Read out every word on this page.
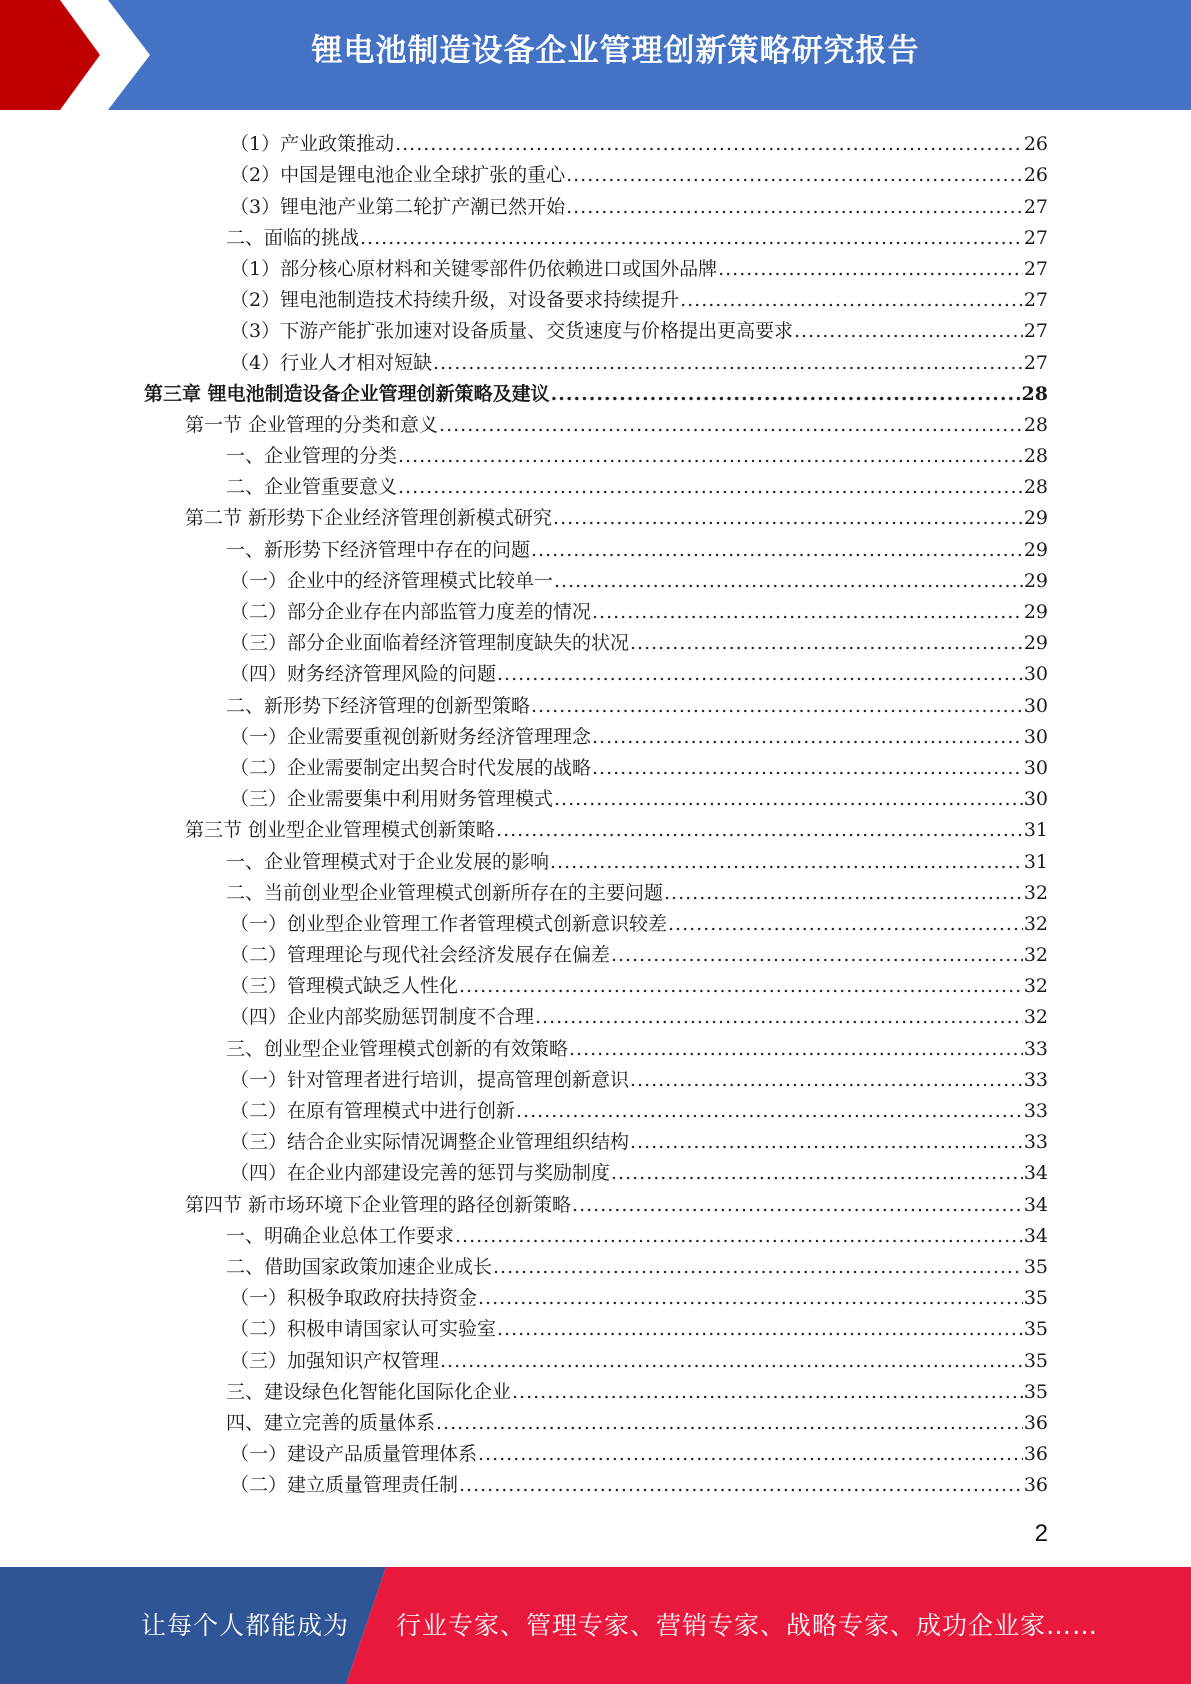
锂电池制造设备企业管理创新策略研究报告
（1）产业政策推动 .....	26
（2）中国是锂电池企业全球扩张的重心 .....	26
（3）锂电池产业第二轮扩产潮已然开始 .....	27
二、面临的挑战 .....	27
（1）部分核心原材料和关键零部件仍依赖进口或国外品牌 .....	27
（2）锂电池制造技术持续升级，对设备要求持续提升 .....	27
（3）下游产能扩张加速对设备质量、交货速度与价格提出更高要求 .....	27
（4）行业人才相对短缺 .....	27
第三章 锂电池制造设备企业管理创新策略及建议 .....	28
第一节 企业管理的分类和意义 .....	28
一、企业管理的分类 .....	28
二、企业管重要意义 .....	28
第二节 新形势下企业经济管理创新模式研究 .....	29
一、新形势下经济管理中存在的问题 .....	29
（一）企业中的经济管理模式比较单一 .....	29
（二）部分企业存在内部监管力度差的情况 .....	29
（三）部分企业面临着经济管理制度缺失的状况 .....	29
（四）财务经济管理风险的问题 .....	30
二、新形势下经济管理的创新型策略 .....	30
（一）企业需要重视创新财务经济管理理念 .....	30
（二）企业需要制定出契合时代发展的战略 .....	30
（三）企业需要集中利用财务管理模式 .....	30
第三节 创业型企业管理模式创新策略 .....	31
一、企业管理模式对于企业发展的影响 .....	31
二、当前创业型企业管理模式创新所存在的主要问题 .....	32
（一）创业型企业管理工作者管理模式创新意识较差 .....	32
（二）管理理论与现代社会经济发展存在偏差 .....	32
（三）管理模式缺乏人性化 .....	32
（四）企业内部奖励惩罚制度不合理 .....	32
三、创业型企业管理模式创新的有效策略 .....	33
（一）针对管理者进行培训，提高管理创新意识 .....	33
（二）在原有管理模式中进行创新 .....	33
（三）结合企业实际情况调整企业管理组织结构 .....	33
（四）在企业内部建设完善的惩罚与奖励制度 .....	34
第四节 新市场环境下企业管理的路径创新策略 .....	34
一、明确企业总体工作要求 .....	34
二、借助国家政策加速企业成长 .....	35
（一）积极争取政府扶持资金 .....	35
（二）积极申请国家认可实验室 .....	35
（三）加强知识产权管理 .....	35
三、建设绿色化智能化国际化企业 .....	35
四、建立完善的质量体系 .....	36
（一）建设产品质量管理体系 .....	36
（二）建立质量管理责任制 .....	36
2
让每个人都能成为 行业专家、管理专家、营销专家、战略专家、成功企业家……
